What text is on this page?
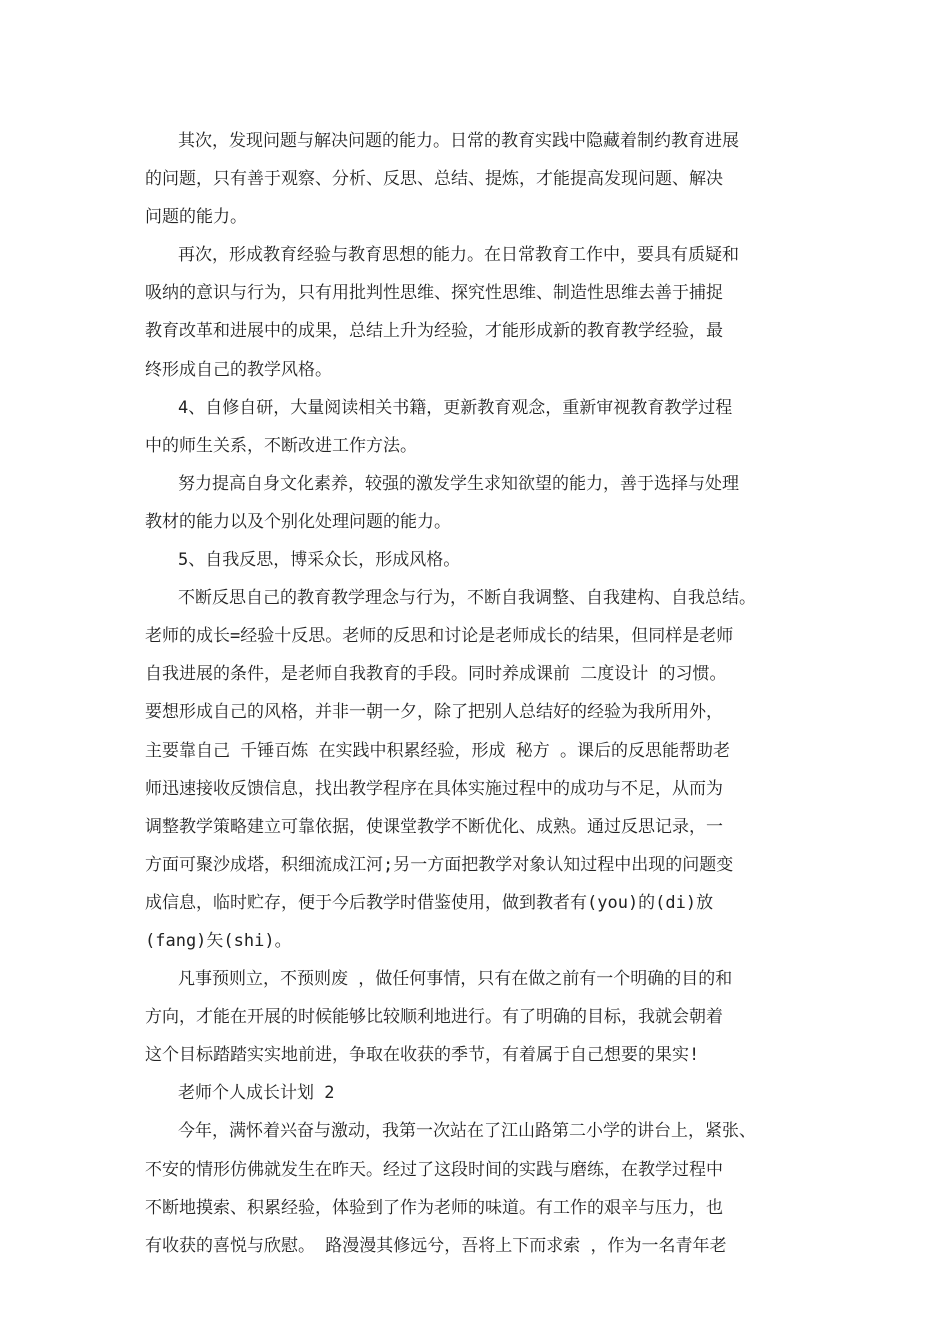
其次，发现问题与解决问题的能力。日常的教育实践中隐藏着制约教育进展
的问题，只有善于观察、分析、反思、总结、提炼，才能提高发现问题、解决
问题的能力。
再次，形成教育经验与教育思想的能力。在日常教育工作中，要具有质疑和
吸纳的意识与行为，只有用批判性思维、探究性思维、制造性思维去善于捕捉
教育改革和进展中的成果，总结上升为经验，才能形成新的教育教学经验，最
终形成自己的教学风格。
4、自修自研，大量阅读相关书籍，更新教育观念，重新审视教育教学过程
中的师生关系，不断改进工作方法。
努力提高自身文化素养，较强的激发学生求知欲望的能力，善于选择与处理
教材的能力以及个别化处理问题的能力。
5、自我反思，博采众长，形成风格。
不断反思自己的教育教学理念与行为，不断自我调整、自我建构、自我总结。
老师的成长=经验十反思。老师的反思和讨论是老师成长的结果，但同样是老师
自我进展的条件，是老师自我教育的手段。同时养成课前 二度设计 的习惯。
要想形成自己的风格，并非一朝一夕，除了把别人总结好的经验为我所用外，
主要靠自己 千锤百炼 在实践中积累经验，形成 秘方 。课后的反思能帮助老
师迅速接收反馈信息，找出教学程序在具体实施过程中的成功与不足，从而为
调整教学策略建立可靠依据，使课堂教学不断优化、成熟。通过反思记录，一
方面可聚沙成塔，积细流成江河;另一方面把教学对象认知过程中出现的问题变
成信息，临时贮存，便于今后教学时借鉴使用，做到教者有(you)的(di)放
(fang)矢(shi)。
凡事预则立，不预则废 ，做任何事情，只有在做之前有一个明确的目的和
方向，才能在开展的时候能够比较顺利地进行。有了明确的目标，我就会朝着
这个目标踏踏实实地前进，争取在收获的季节，有着属于自己想要的果实!
老师个人成长计划 2
今年，满怀着兴奋与激动，我第一次站在了江山路第二小学的讲台上，紧张、
不安的情形仿佛就发生在昨天。经过了这段时间的实践与磨练，在教学过程中
不断地摸索、积累经验，体验到了作为老师的味道。有工作的艰辛与压力，也
有收获的喜悦与欣慰。 路漫漫其修远兮，吾将上下而求索 ，作为一名青年老
